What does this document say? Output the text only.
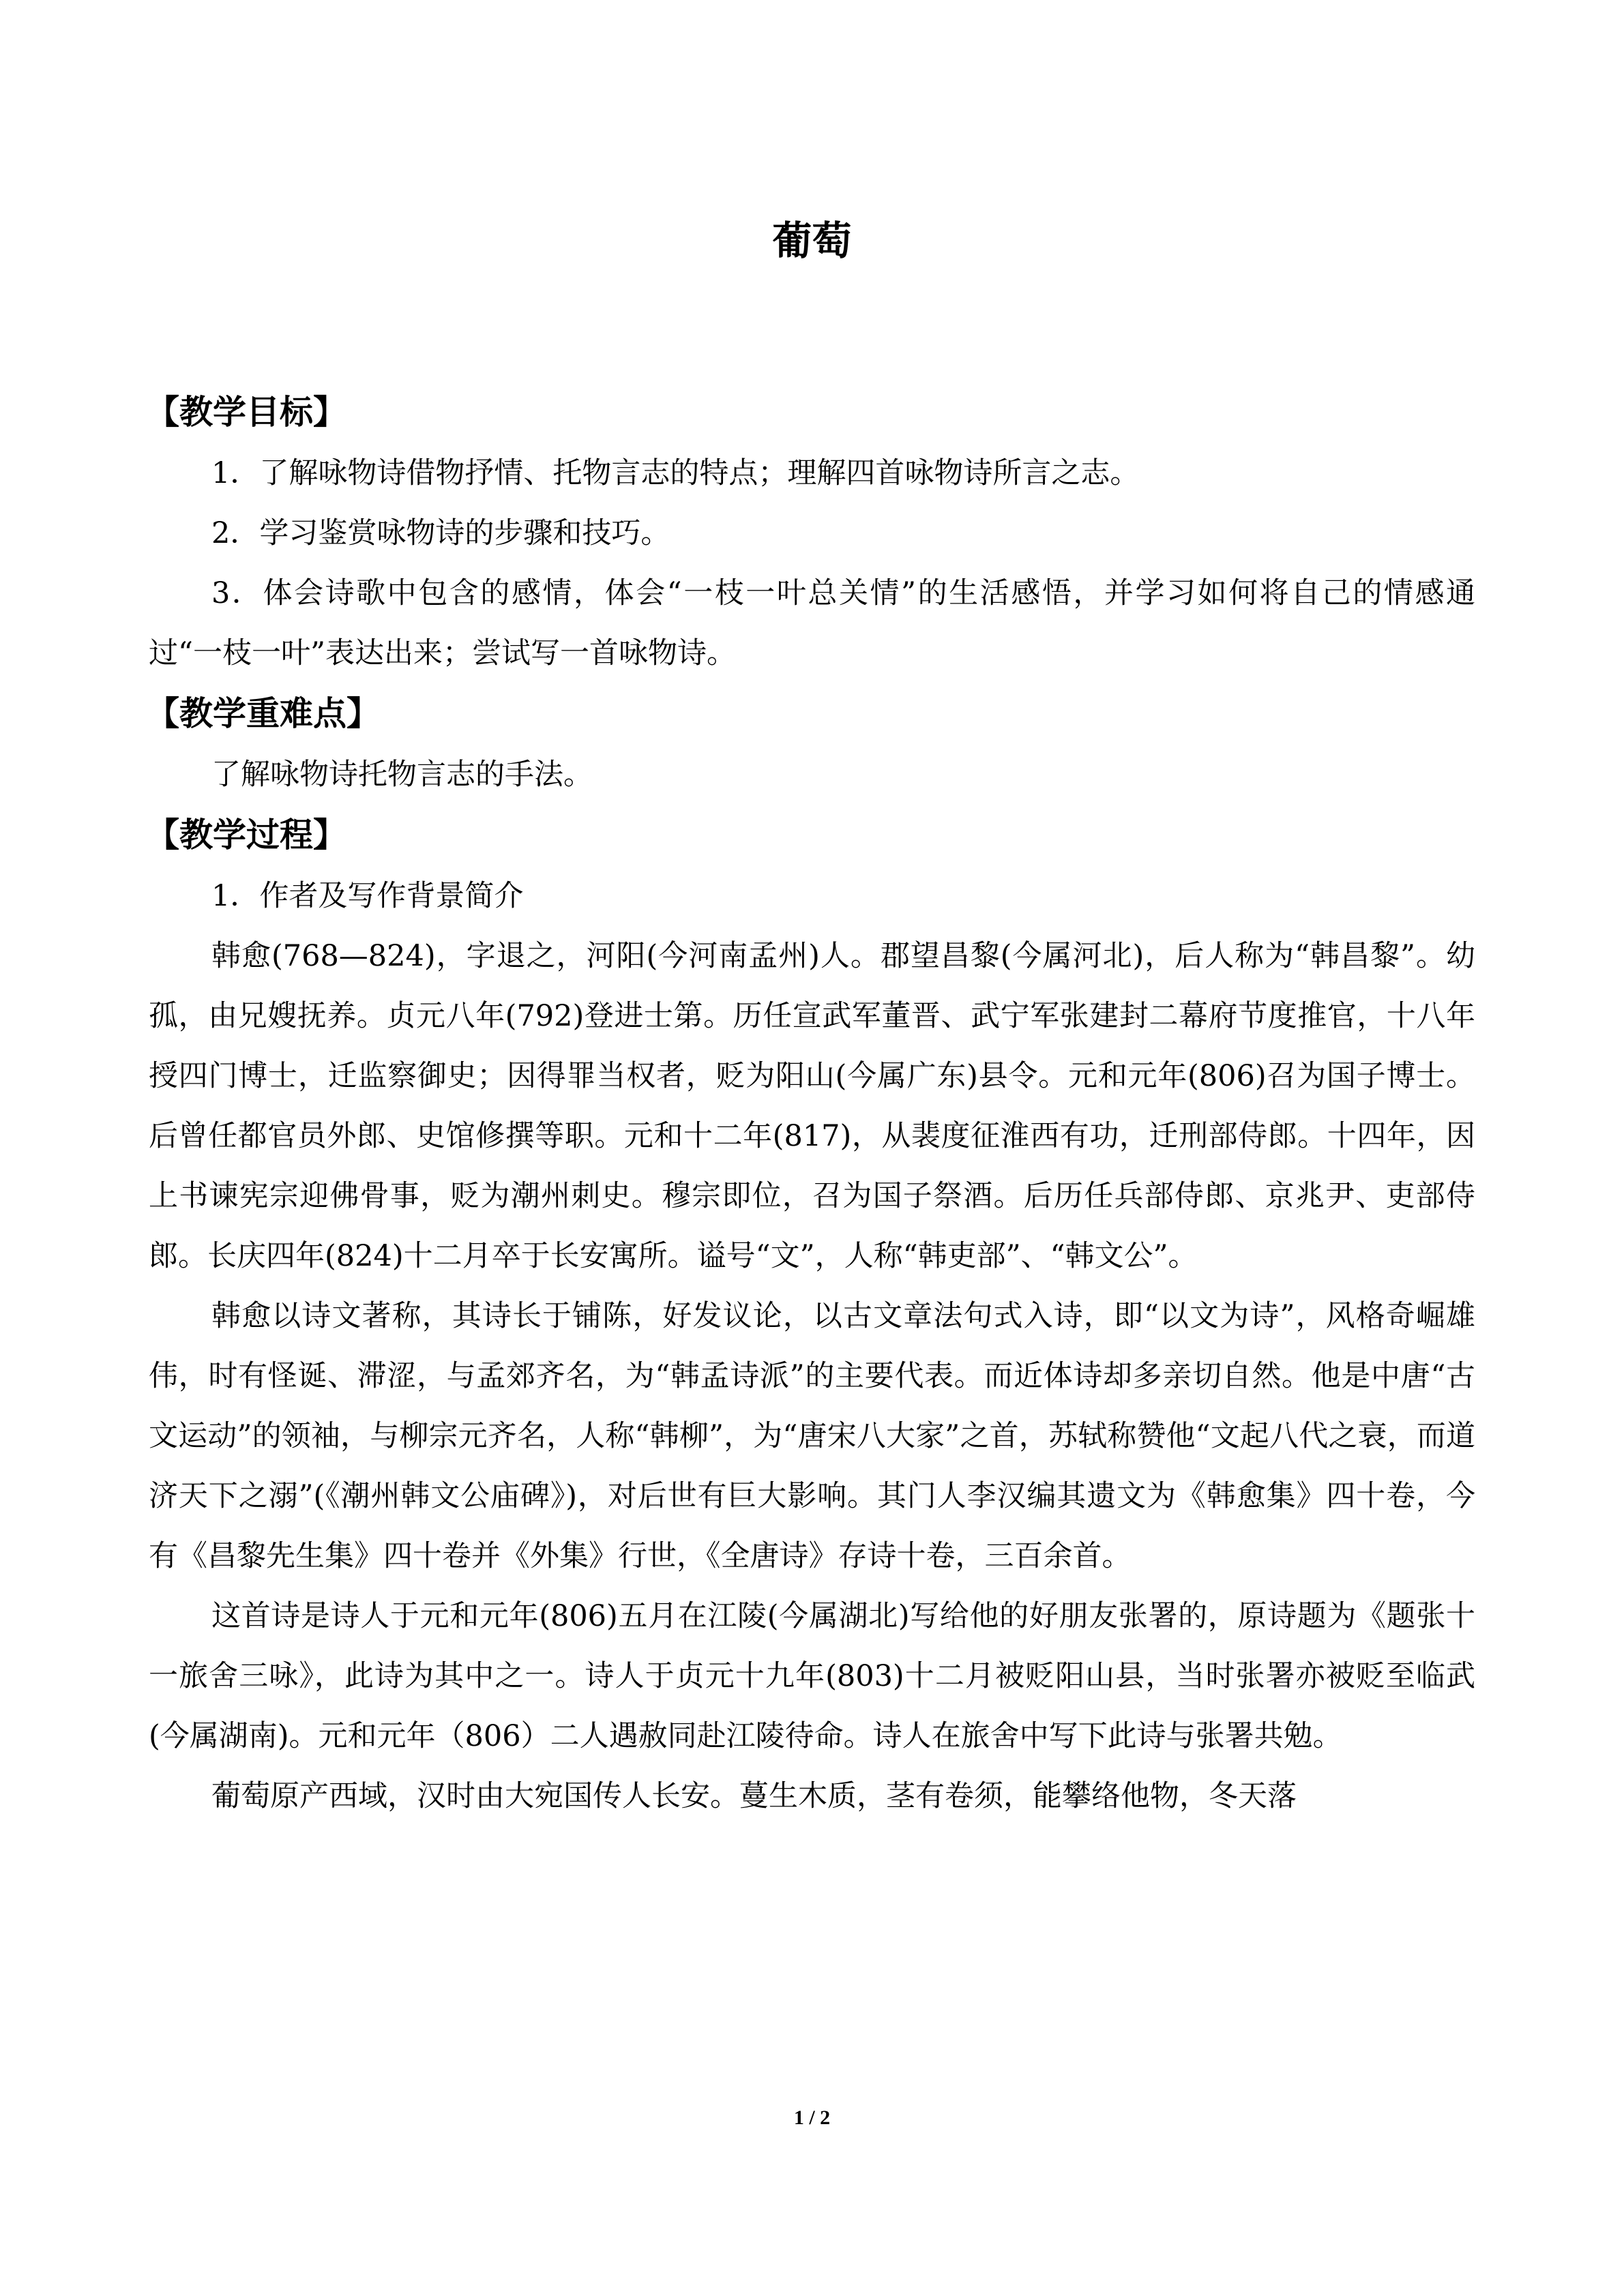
葡萄
【教学目标】

1．了解咏物诗借物抒情、托物言志的特点；理解四首咏物诗所言之志。

2．学习鉴赏咏物诗的步骤和技巧。

3．体会诗歌中包含的感情，体会“一枝一叶总关情”的生活感悟，并学习如何将自己的情感通过“一枝一叶”表达出来；尝试写一首咏物诗。

【教学重难点】

了解咏物诗托物言志的手法。

【教学过程】

1．作者及写作背景简介

韩愈(768—824)，字退之，河阳(今河南孟州)人。郡望昌黎(今属河北)，后人称为“韩昌黎”。幼孤，由兄嫂抚养。贞元八年(792)登进士第。历任宣武军董晋、武宁军张建封二幕府节度推官，十八年授四门博士，迁监察御史；因得罪当权者，贬为阳山(今属广东)县令。元和元年(806)召为国子博士。后曾任都官员外郎、史馆修撰等职。元和十二年(817)，从裴度征淮西有功，迁刑部侍郎。十四年，因上书谏宪宗迎佛骨事，贬为潮州刺史。穆宗即位，召为国子祭酒。后历任兵部侍郎、京兆尹、吏部侍郎。长庆四年(824)十二月卒于长安寓所。谥号“文”，人称“韩吏部”、“韩文公”。

韩愈以诗文著称，其诗长于铺陈，好发议论，以古文章法句式入诗，即“以文为诗”，风格奇崛雄伟，时有怪诞、滞涩，与孟郊齐名，为“韩孟诗派”的主要代表。而近体诗却多亲切自然。他是中唐“古文运动”的领袖，与柳宗元齐名，人称“韩柳”，为“唐宋八大家”之首，苏轼称赞他“文起八代之衰，而道济天下之溺”(《潮州韩文公庙碑》)，对后世有巨大影响。其门人李汉编其遗文为《韩愈集》四十卷，今有《昌黎先生集》四十卷并《外集》行世，《全唐诗》存诗十卷，三百余首。

这首诗是诗人于元和元年(806)五月在江陵(今属湖北)写给他的好朋友张署的，原诗题为《题张十一旅舍三咏》，此诗为其中之一。诗人于贞元十九年(803)十二月被贬阳山县，当时张署亦被贬至临武(今属湖南)。元和元年（806）二人遇赦同赴江陵待命。诗人在旅舍中写下此诗与张署共勉。

葡萄原产西域，汉时由大宛国传人长安。蔓生木质，茎有卷须，能攀络他物，冬天落

1 / 2
